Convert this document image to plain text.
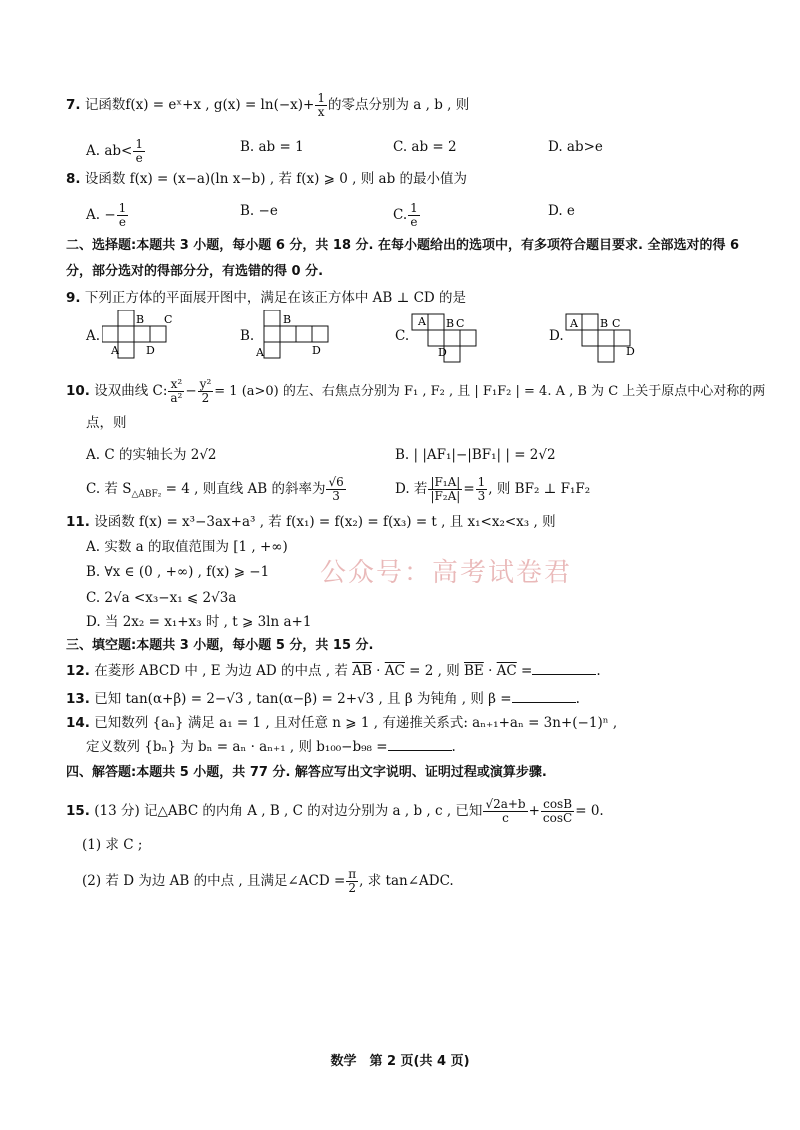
7. 记函数f(x) = eˣ+x , $g(x) = \ln(-x)+ \frac{1}{x}$ 的零点分别为 a , b , 则
A. $ab< \frac{1}{e}$	B. ab = 1	C. ab = 2	D. ab>e
8. 设函数 f(x) = (x−a)(ln x−b) , 若 f(x) ⩾ 0 , 则 ab 的最小值为
A. − $\frac{1}{e}$	B. −e	C. $\frac{1}{e}$	D. e
二、选择题:本题共 3 小题，每小题 6 分，共 18 分. 在每小题给出的选项中，有多项符合题目要求. 全部选对的得 6
分，部分选对的得部分分，有选错的得 0 分.
9. 下列正方体的平面展开图中，满足在该正方体中 AB ⊥ CD 的是
A.
B C
A D
B.
B
A	D
C.
A B C
D
D.
A B C
D
10. 设双曲线 C: $\frac{\text{x²}}{\text{a²}} - \frac{\text{y²}}{2} = 1$ (a>0) 的左、右焦点分别为 F₁ , F₂ , 且 | F₁F₂ | = 4. A , B 为 C 上关于原点中心对称的两
点，则
A. C 的实轴长为 2√2	B. | |AF₁|−|BF₁| | = 2√2
C. 若 $S_{\triangle ABF_2} = 4$ , 则直线 AB 的斜率为 $\frac{√6}{3}$	D. 若 $\frac{\text{|F₁A|}}{\text{|F₂A|}} = \frac{1}{3}$ , 则 BF₂ ⊥ F₁F₂
11. 设函数 f(x) = x³−3ax+a³ , 若 f(x₁) = f(x₂) = f(x₃) = t , 且 x₁<x₂<x₃ , 则
A. 实数 a 的取值范围为 [1 , +∞)
B. ∀x ∈ (0 , +∞) , f(x) ⩾ −1
C. 2√a <x₃−x₁ ⩽ 2√3a
D. 当 2x₂ = x₁+x₃ 时 , t ⩾ 3ln a+1
公众号：高考试卷君
三、填空题:本题共 3 小题，每小题 5 分，共 15 分.
12. 在菱形 ABCD 中 , E 为边 AD 的中点 , 若 $\overline{AB} \cdot \overline{AC} = 2$ , 则 $\overline{BE} \cdot \overline{AC}$ =	.
13. 已知 tan(α+β) = 2−√3 , tan(α−β) = 2+√3 , 且 β 为钝角 , 则 β =	.
14. 已知数列 {aₙ} 满足 a₁ = 1 , 且对任意 n ⩾ 1 , 有递推关系式: aₙ₊₁+aₙ = 3n+(−1)ⁿ ,
定义数列 {bₙ} 为 bₙ = aₙ · aₙ₊₁ , 则 b₁₀₀−b₉₈ =	.
四、解答题:本题共 5 小题，共 77 分. 解答应写出文字说明、证明过程或演算步骤.
15. (13 分) 记△ABC 的内角 A , B , C 的对边分别为 a , b , c , 已知 $\frac{√2a+b}{c} + \frac{\cos B}{\cos C} = 0$.
(1) 求 C ;
(2) 若 D 为边 AB 的中点 , 且满足∠ACD = $\frac{\pi}{2}$ , 求 tan∠ADC.
数学　第 2 页(共 4 页)
